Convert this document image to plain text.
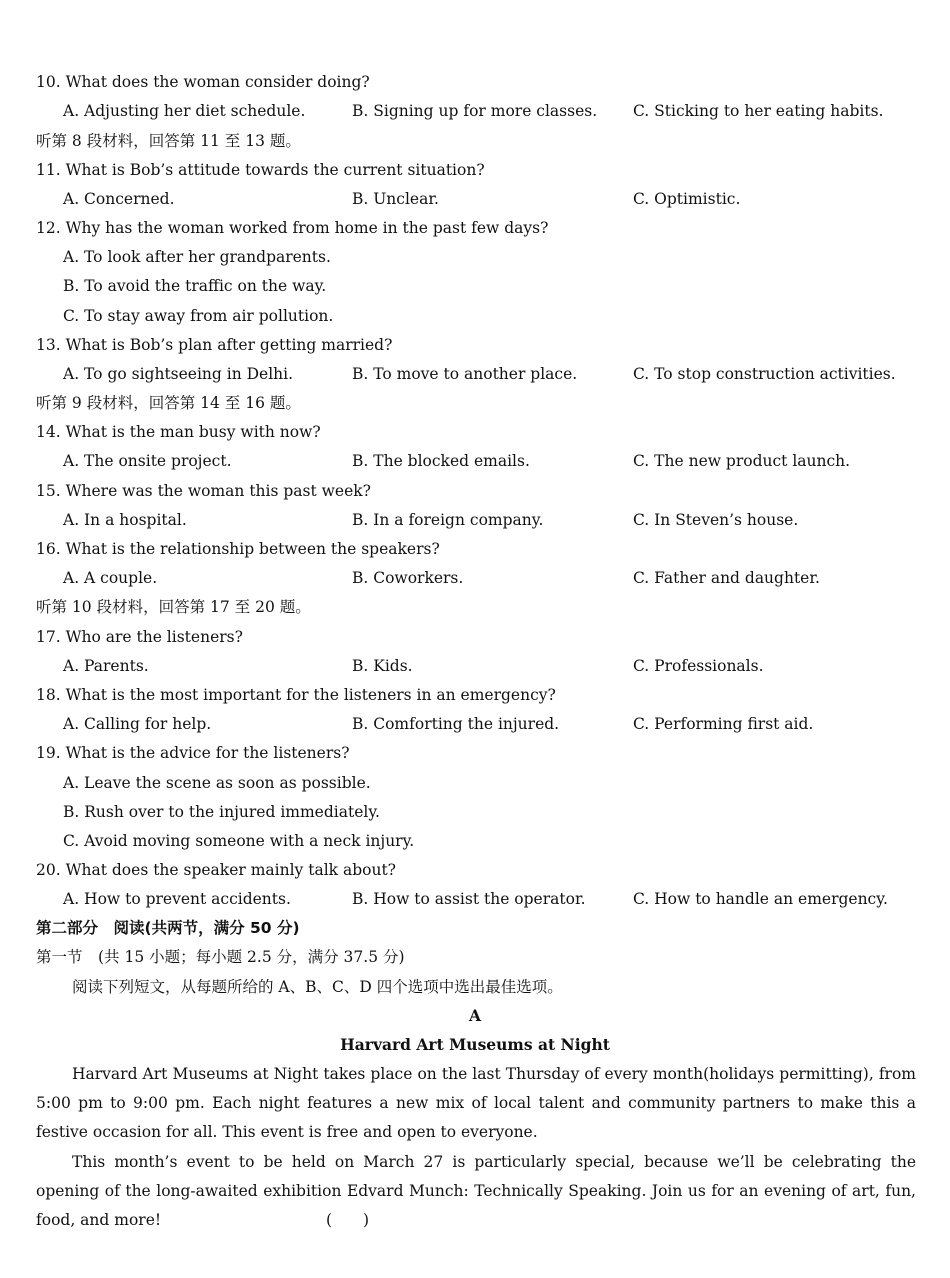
10. What does the woman consider doing?
A. Adjusting her diet schedule.	B. Signing up for more classes. C. Sticking to her eating habits.
听第 8 段材料，回答第 11 至 13 题。
11. What is Bob’s attitude towards the current situation?
A. Concerned.	B. Unclear.	C. Optimistic.
12. Why has the woman worked from home in the past few days?
A. To look after her grandparents.
B. To avoid the traffic on the way.
C. To stay away from air pollution.
13. What is Bob’s plan after getting married?
A. To go sightseeing in Delhi.	B. To move to another place.	C. To stop construction activities.
听第 9 段材料，回答第 14 至 16 题。
14. What is the man busy with now?
A. The onsite project.	B. The blocked emails.	C. The new product launch.
15. Where was the woman this past week?
A. In a hospital.	B. In a foreign company.	C. In Steven’s house.
16. What is the relationship between the speakers?
A. A couple.	B. Coworkers.	C. Father and daughter.
听第 10 段材料，回答第 17 至 20 题。
17. Who are the listeners?
A. Parents.	B. Kids.	C. Professionals.
18. What is the most important for the listeners in an emergency?
A. Calling for help.	B. Comforting the injured.	C. Performing first aid.
19. What is the advice for the listeners?
A. Leave the scene as soon as possible.
B. Rush over to the injured immediately.
C. Avoid moving someone with a neck injury.
20. What does the speaker mainly talk about?
A. How to prevent accidents.	B. How to assist the operator.	C. How to handle an emergency.
第二部分　阅读(共两节，满分 50 分)
第一节　(共 15 小题；每小题 2.5 分，满分 37.5 分)
阅读下列短文，从每题所给的 A、B、C、D 四个选项中选出最佳选项。
A
Harvard Art Museums at Night
Harvard Art Museums at Night takes place on the last Thursday of every month(holidays permitting), from 5:00 pm to 9:00 pm. Each night features a new mix of local talent and community partners to make this a festive occasion for all. This event is free and open to everyone.
This month’s event to be held on March 27 is particularly special, because we’ll be celebrating the opening of the long-awaited exhibition Edvard Munch: Technically Speaking. Join us for an evening of art, fun, food, and more!	(　　)
